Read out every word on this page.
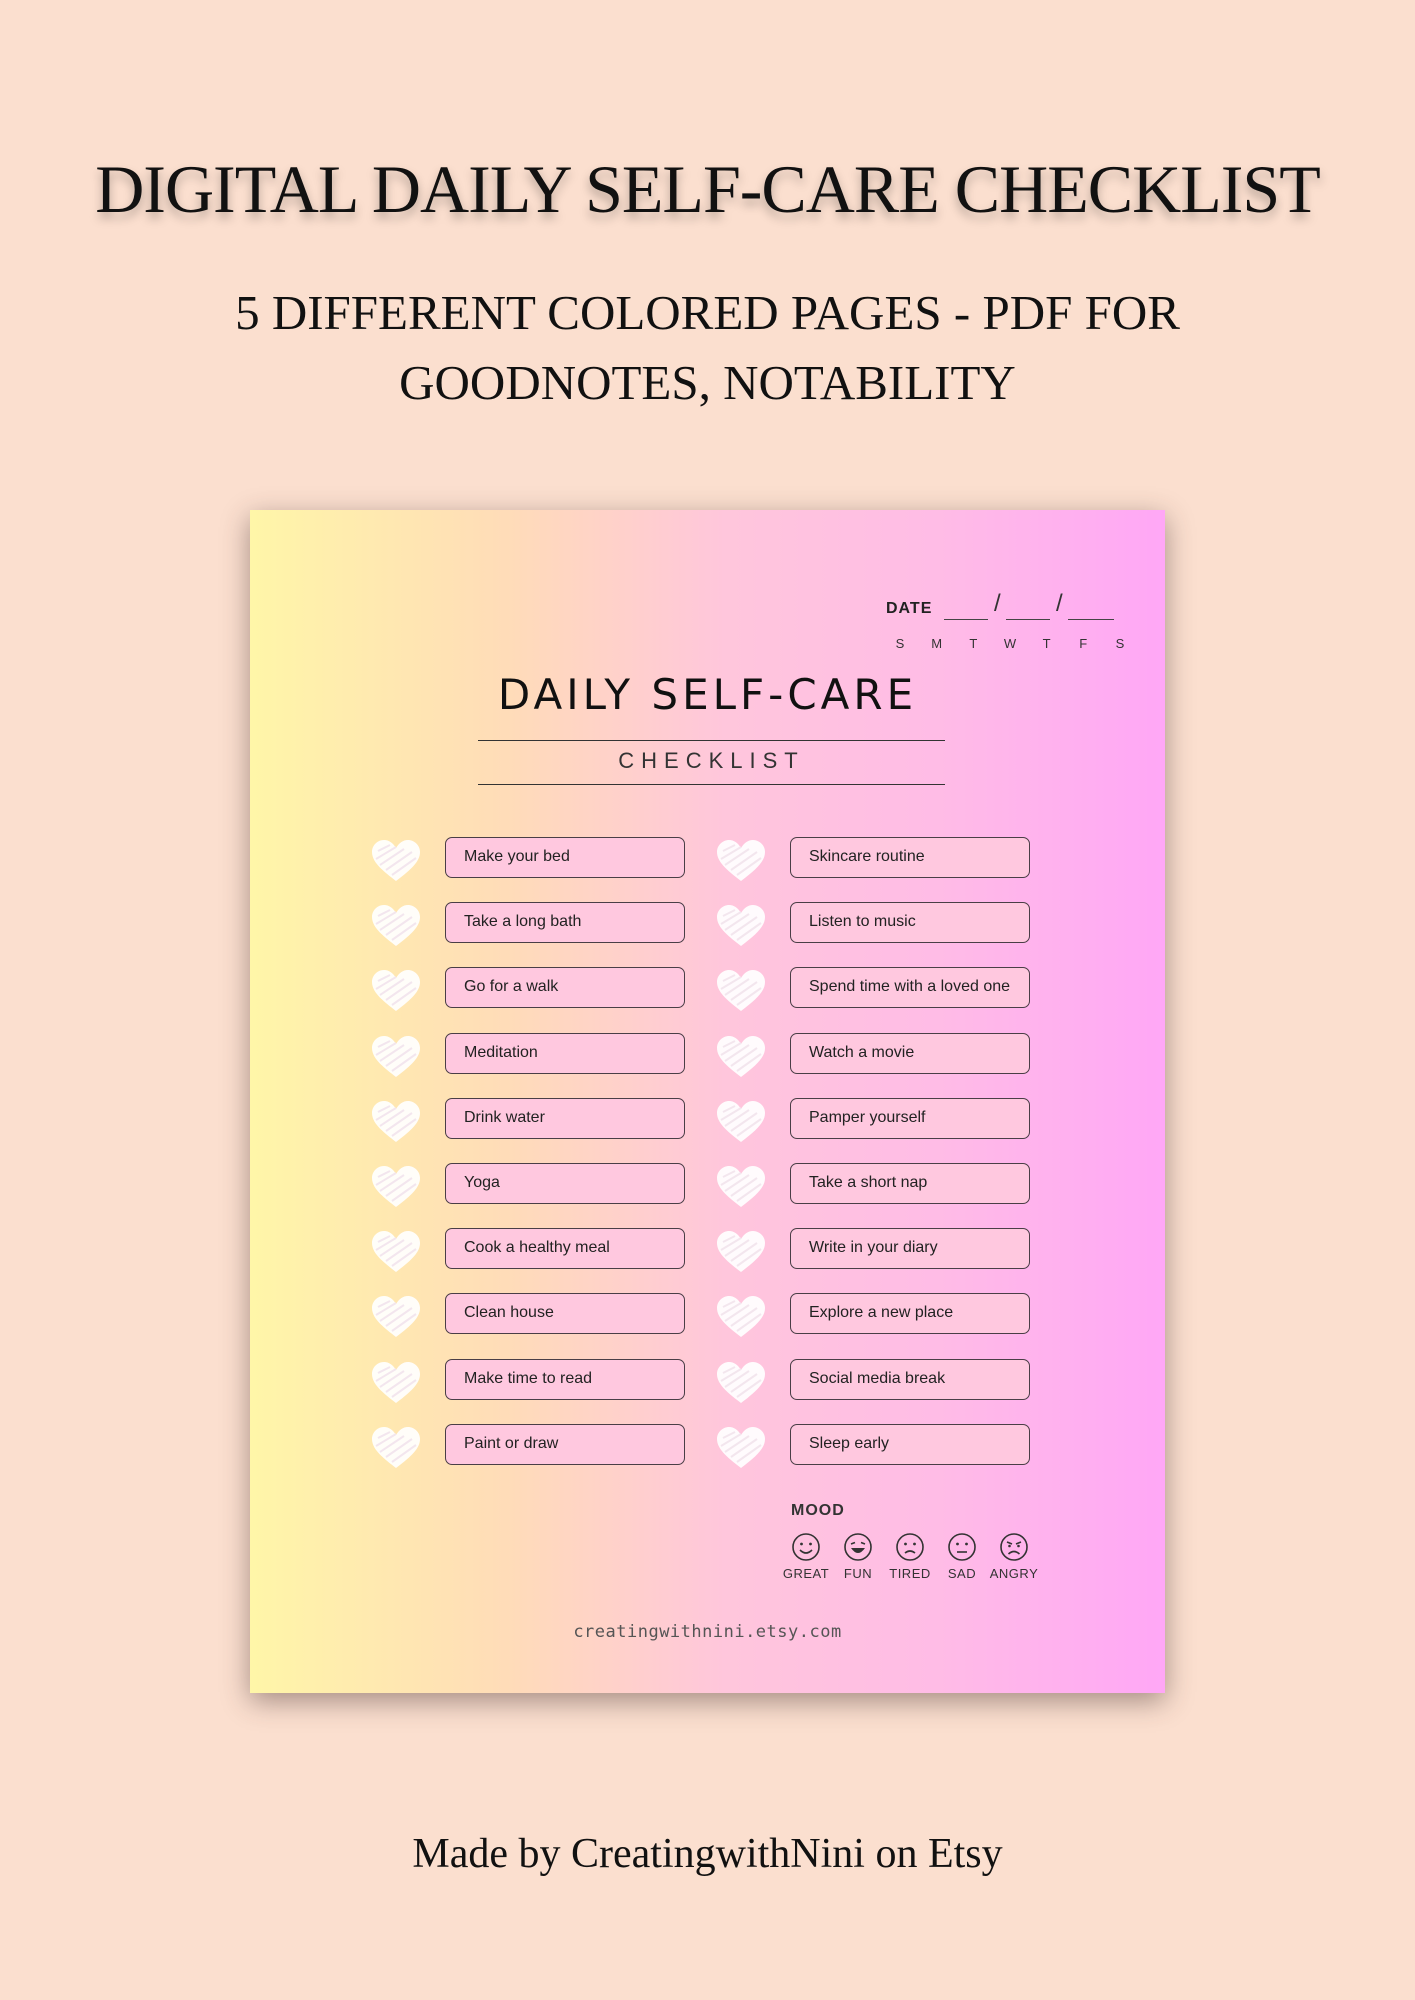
DIGITAL DAILY SELF-CARE CHECKLIST
5 DIFFERENT COLORED PAGES - PDF FOR GOODNOTES, NOTABILITY
DATE	/ /
S	M	T	W	T	F	S
DAILY SELF-CARE
CHECKLIST
Make your bed
Take a long bath
Go for a walk
Meditation
Drink water
Yoga
Cook a healthy meal
Clean house
Make time to read
Paint or draw
Skincare routine
Listen to music
Spend time with a loved one
Watch a movie
Pamper yourself
Take a short nap
Write in your diary
Explore a new place
Social media break
Sleep early
MOOD
GREAT	FUN	TIRED	SAD	ANGRY
creatingwithnini.etsy.com
Made by CreatingwithNini on Etsy
